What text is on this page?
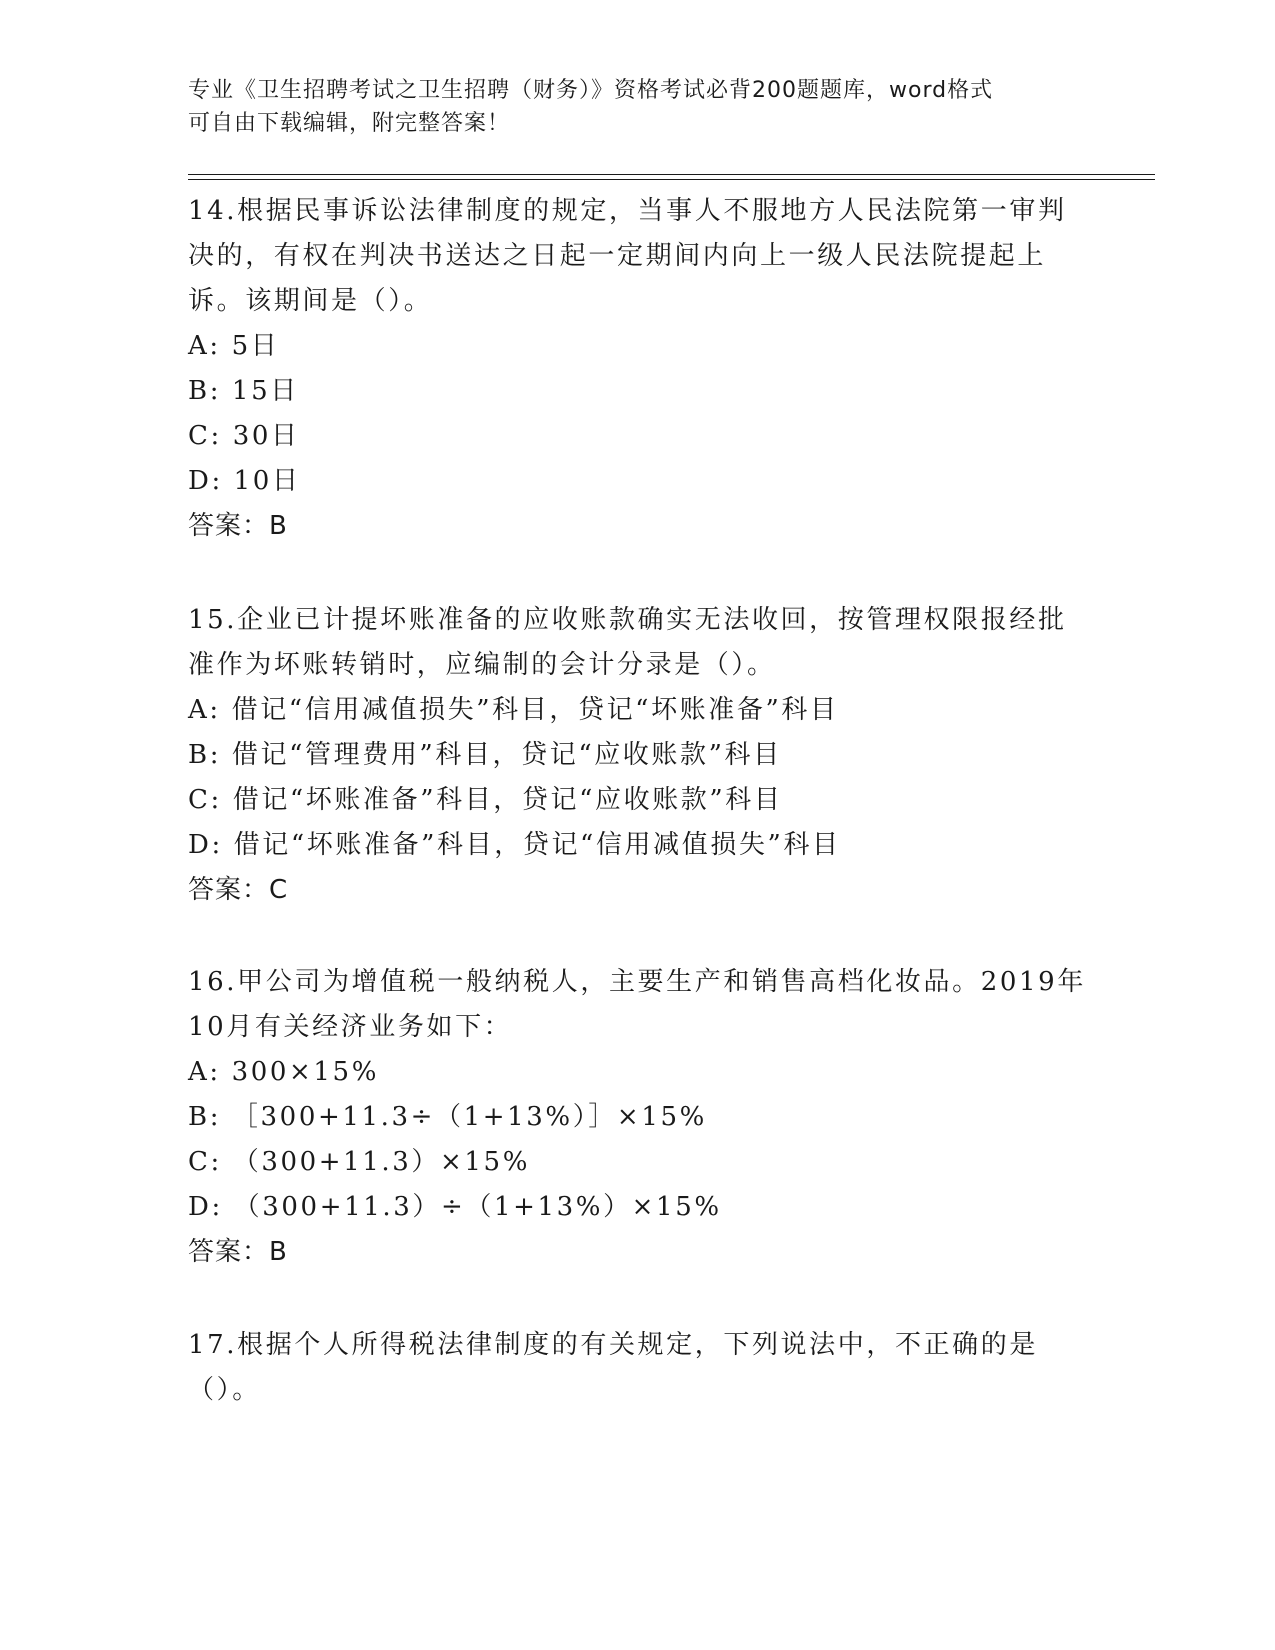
专业《卫生招聘考试之卫生招聘（财务）》资格考试必背200题题库，word格式
可自由下载编辑，附完整答案！
14.根据民事诉讼法律制度的规定，当事人不服地方人民法院第一审判决的，有权在判决书送达之日起一定期间内向上一级人民法院提起上诉。该期间是（）。
A: 5日
B: 15日
C: 30日
D: 10日
答案：B
15.企业已计提坏账准备的应收账款确实无法收回，按管理权限报经批准作为坏账转销时，应编制的会计分录是（）。
A: 借记“信用减值损失”科目，贷记“坏账准备”科目
B: 借记“管理费用”科目，贷记“应收账款”科目
C: 借记“坏账准备”科目，贷记“应收账款”科目
D: 借记“坏账准备”科目，贷记“信用减值损失”科目
答案：C
16.甲公司为增值税一般纳税人，主要生产和销售高档化妆品。2019年10月有关经济业务如下：
A: 300×15%
B: ［300+11.3÷（1+13%）］×15%
C: （300+11.3）×15%
D: （300+11.3）÷（1+13%）×15%
答案：B
17.根据个人所得税法律制度的有关规定，下列说法中，不正确的是（）。
